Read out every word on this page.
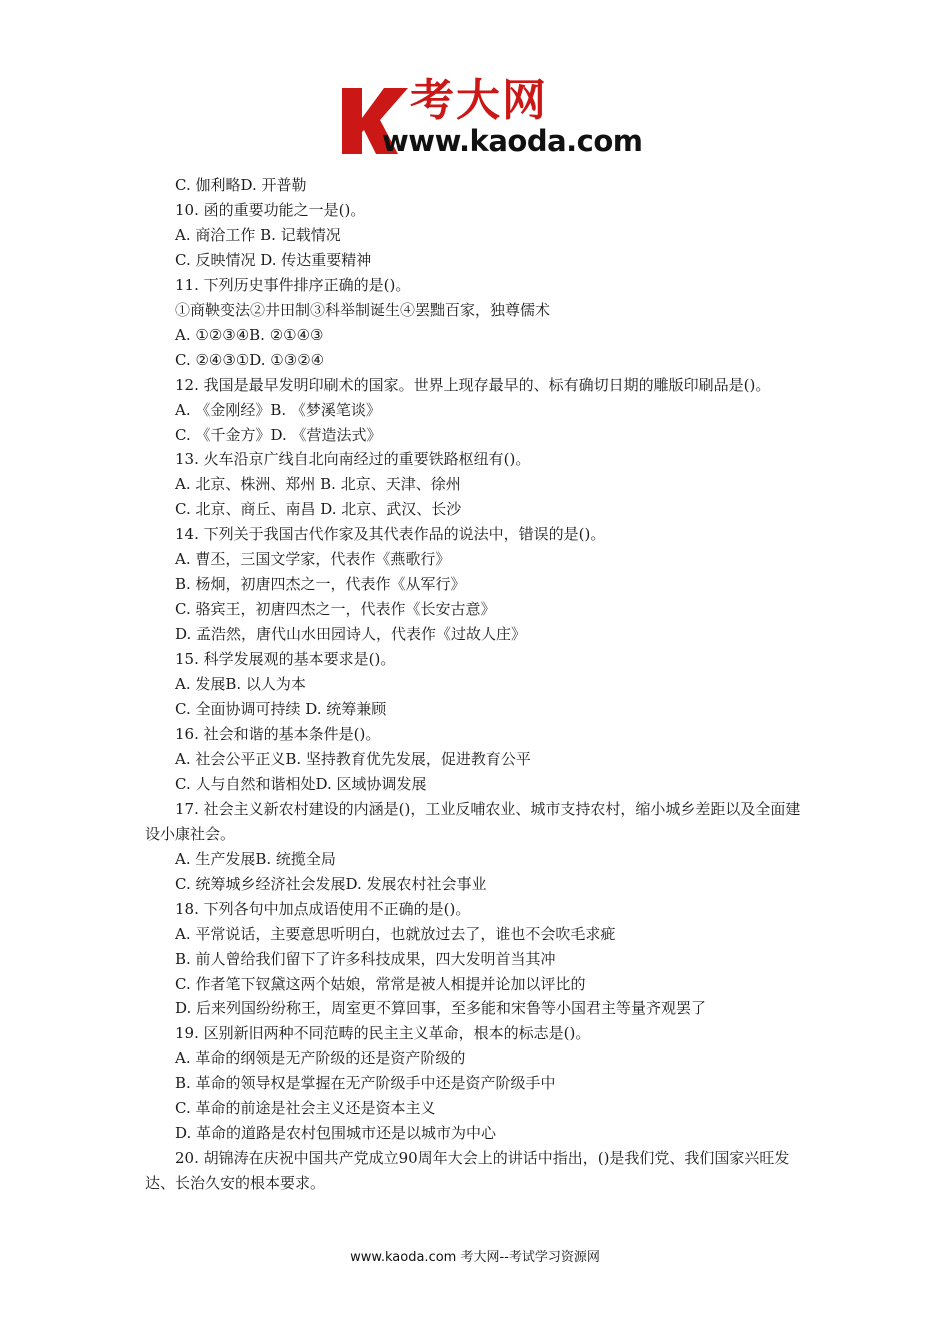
考大网
www.kaoda.com
C. 伽利略D. 开普勒
10. 函的重要功能之一是()。
A. 商洽工作 B. 记载情况
C. 反映情况 D. 传达重要精神
11. 下列历史事件排序正确的是()。
①商鞅变法②井田制③科举制诞生④罢黜百家，独尊儒术
A. ①②③④B. ②①④③
C. ②④③①D. ①③②④
12. 我国是最早发明印刷术的国家。世界上现存最早的、标有确切日期的雕版印刷品是()。
A. 《金刚经》B. 《梦溪笔谈》
C. 《千金方》D. 《营造法式》
13. 火车沿京广线自北向南经过的重要铁路枢纽有()。
A. 北京、株洲、郑州 B. 北京、天津、徐州
C. 北京、商丘、南昌 D. 北京、武汉、长沙
14. 下列关于我国古代作家及其代表作品的说法中，错误的是()。
A. 曹丕，三国文学家，代表作《燕歌行》
B. 杨炯，初唐四杰之一，代表作《从军行》
C. 骆宾王，初唐四杰之一，代表作《长安古意》
D. 孟浩然，唐代山水田园诗人，代表作《过故人庄》
15. 科学发展观的基本要求是()。
A. 发展B. 以人为本
C. 全面协调可持续 D. 统筹兼顾
16. 社会和谐的基本条件是()。
A. 社会公平正义B. 坚持教育优先发展，促进教育公平
C. 人与自然和谐相处D. 区域协调发展
17. 社会主义新农村建设的内涵是()，工业反哺农业、城市支持农村，缩小城乡差距以及全面建设小康社会。
A. 生产发展B. 统揽全局
C. 统筹城乡经济社会发展D. 发展农村社会事业
18. 下列各句中加点成语使用不正确的是()。
A. 平常说话，主要意思听明白，也就放过去了，谁也不会吹毛求疵
B. 前人曾给我们留下了许多科技成果，四大发明首当其冲
C. 作者笔下钗黛这两个姑娘，常常是被人相提并论加以评比的
D. 后来列国纷纷称王，周室更不算回事，至多能和宋鲁等小国君主等量齐观罢了
19. 区别新旧两种不同范畴的民主主义革命，根本的标志是()。
A. 革命的纲领是无产阶级的还是资产阶级的
B. 革命的领导权是掌握在无产阶级手中还是资产阶级手中
C. 革命的前途是社会主义还是资本主义
D. 革命的道路是农村包围城市还是以城市为中心
20. 胡锦涛在庆祝中国共产党成立90周年大会上的讲话中指出，()是我们党、我们国家兴旺发达、长治久安的根本要求。
www.kaoda.com 考大网--考试学习资源网
